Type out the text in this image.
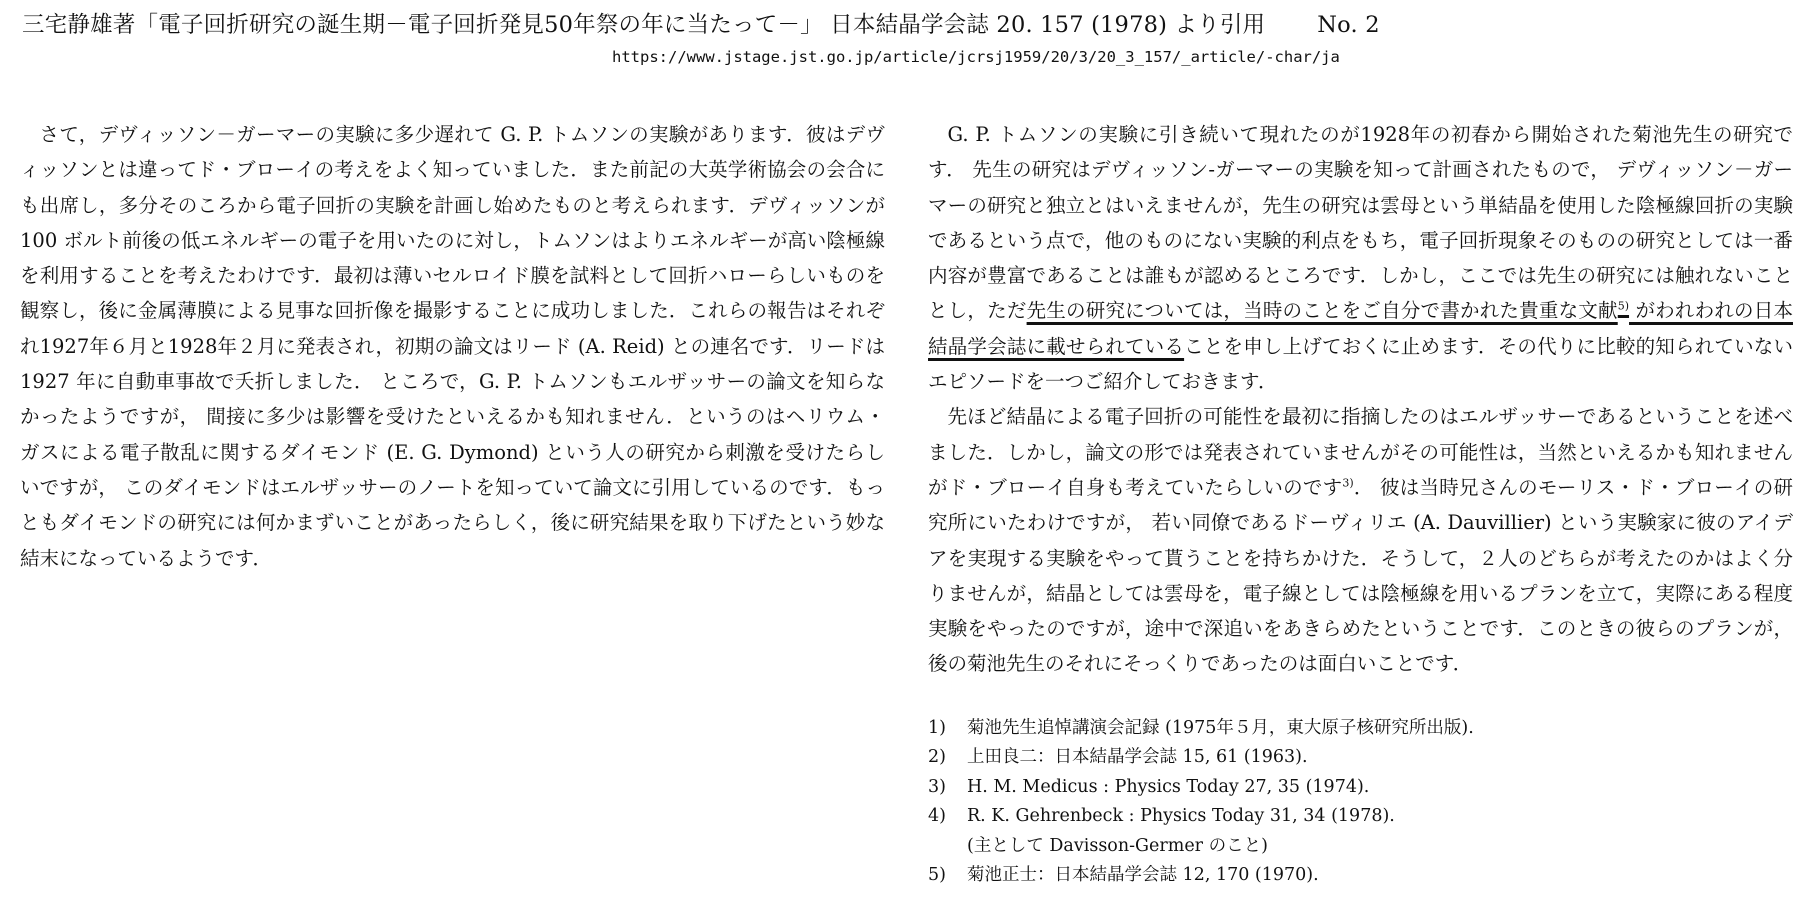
三宅静雄著「電子回折研究の誕生期－電子回折発見50年祭の年に当たって－」 日本結晶学会誌 20. 157 (1978) より引用 No. 2
https://www.jstage.jst.go.jp/article/jcrsj1959/20/3/20_3_157/_article/-char/ja

さて，デヴィッソン－ガーマーの実験に多少遅れて G. P. トムソンの実験があります．彼はデヴィッソンとは違ってド・ブローイの考えをよく知っていました．また前記の大英学術協会の会合にも出席し，多分そのころから電子回折の実験を計画し始めたものと考えられます．デヴィッソンが 100 ボルト前後の低エネルギーの電子を用いたのに対し，トムソンはよりエネルギーが高い陰極線を利用することを考えたわけです．最初は薄いセルロイド膜を試料として回折ハローらしいものを観察し，後に金属薄膜による見事な回折像を撮影することに成功しました．これらの報告はそれぞれ1927年６月と1928年２月に発表され，初期の論文はリード (A. Reid) との連名です．リードは 1927 年に自動車事故で夭折しました． ところで，G. P. トムソンもエルザッサーの論文を知らなかったようですが， 間接に多少は影響を受けたといえるかも知れません．というのはヘリウム・ガスによる電子散乱に関するダイモンド (E. G. Dymond) という人の研究から刺激を受けたらしいですが， このダイモンドはエルザッサーのノートを知っていて論文に引用しているのです．もっともダイモンドの研究には何かまずいことがあったらしく，後に研究結果を取り下げたという妙な結末になっているようです．

G. P. トムソンの実験に引き続いて現れたのが1928年の初春から開始された菊池先生の研究です． 先生の研究はデヴィッソン‐ガーマーの実験を知って計画されたもので， デヴィッソン－ガーマーの研究と独立とはいえませんが，先生の研究は雲母という単結晶を使用した陰極線回折の実験であるという点で，他のものにない実験的利点をもち，電子回折現象そのものの研究としては一番内容が豊富であることは誰もが認めるところです．しかし，ここでは先生の研究には触れないこととし，ただ先生の研究については，当時のことをご自分で書かれた貴重な文献$^{5)}$ がわれわれの日本結晶学会誌に載せられていることを申し上げておくに止めます．その代りに比較的知られていないエピソードを一つご紹介しておきます．

先ほど結晶による電子回折の可能性を最初に指摘したのはエルザッサーであるということを述べました．しかし，論文の形では発表されていませんがその可能性は，当然といえるかも知れませんがド・ブローイ自身も考えていたらしいのです$^{3)}$． 彼は当時兄さんのモーリス・ド・ブローイの研究所にいたわけですが， 若い同僚であるドーヴィリエ (A. Dauvillier) という実験家に彼のアイデアを実現する実験をやって貰うことを持ちかけた．そうして，２人のどちらが考えたのかはよく分りませんが，結晶としては雲母を，電子線としては陰極線を用いるプランを立て，実際にある程度実験をやったのですが，途中で深追いをあきらめたということです．このときの彼らのプランが，後の菊池先生のそれにそっくりであったのは面白いことです．

1)	菊池先生追悼講演会記録 (1975年５月，東大原子核研究所出版).
2)	上田良二：日本結晶学会誌 15, 61 (1963).
3)	H. M. Medicus : Physics Today 27, 35 (1974).
4)	R. K. Gehrenbeck : Physics Today 31, 34 (1978).
(主として Davisson‐Germer のこと)
5)	菊池正士：日本結晶学会誌 12, 170 (1970).
